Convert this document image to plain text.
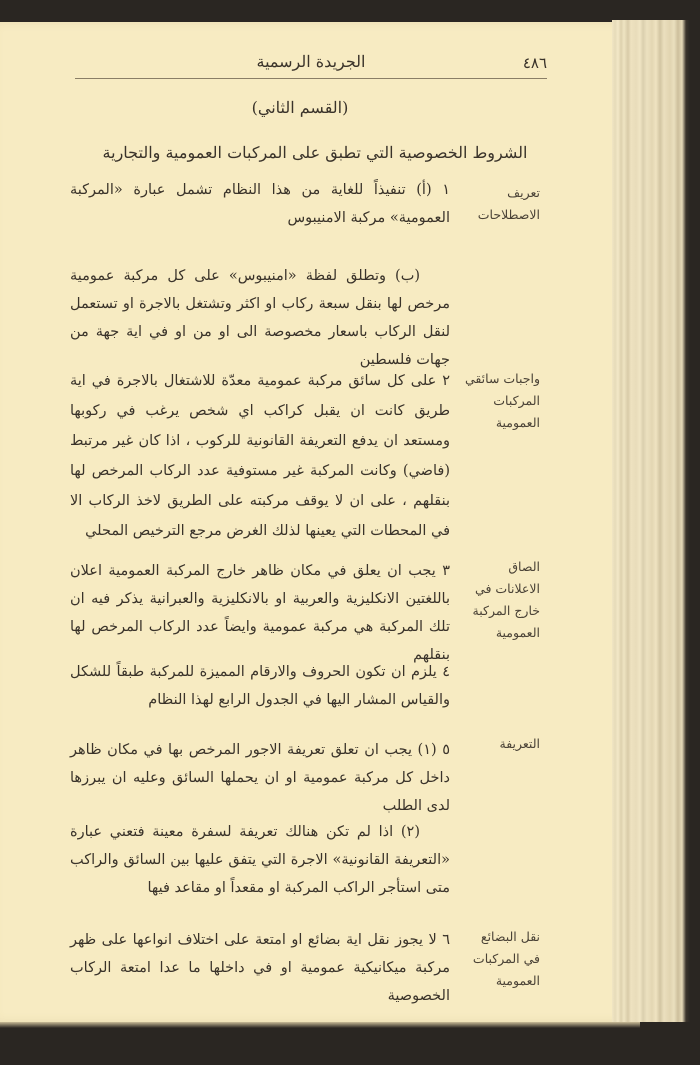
٤٨٦
الجريدة الرسمية
(القسم الثاني)
الشروط الخصوصية التي تطبق على المركبات العمومية والتجارية
تعريف الاصطلاحات
١ (أ) تنفيذاً للغاية من هذا النظام تشمل عبارة «المركبة العمومية» مركبة الامنيبوس
(ب) وتطلق لفظة «امنيبوس» على كل مركبة عمومية مرخص لها بنقل سبعة ركاب او اكثر وتشتغل بالاجرة او تستعمل لنقل الركاب باسعار مخصوصة الى او من او في اية جهة من جهات فلسطين
واجبات سائقي المركبات العمومية
٢ على كل سائق مركبة عمومية معدّة للاشتغال بالاجرة في اية طريق كانت ان يقبل كراكب اي شخص يرغب في ركوبها ومستعد ان يدفع التعريفة القانونية للركوب ، اذا كان غير مرتبط (فاضي) وكانت المركبة غير مستوفية عدد الركاب المرخص لها بنقلهم ، على ان لا يوقف مركبته على الطريق لاخذ الركاب الا في المحطات التي يعينها لذلك الغرض مرجع الترخيص المحلي
الصاق الاعلانات في خارج المركبة العمومية
٣ يجب ان يعلق في مكان ظاهر خارج المركبة العمومية اعلان باللغتين الانكليزية والعربية او بالانكليزية والعبرانية يذكر فيه ان تلك المركبة هي مركبة عمومية وايضاً عدد الركاب المرخص لها بنقلهم
٤ يلزم ان تكون الحروف والارقام المميزة للمركبة طبقاً للشكل والقياس المشار اليها في الجدول الرابع لهذا النظام
التعريفة
٥ (١) يجب ان تعلق تعريفة الاجور المرخص بها في مكان ظاهر داخل كل مركبة عمومية او ان يحملها السائق وعليه ان يبرزها لدى الطلب
(٢) اذا لم تكن هنالك تعريفة لسفرة معينة فتعني عبارة «التعريفة القانونية» الاجرة التي يتفق عليها بين السائق والراكب متى استأجر الراكب المركبة او مقعداً او مقاعد فيها
نقل البضائع في المركبات العمومية
٦ لا يجوز نقل اية بضائع او امتعة على اختلاف انواعها على ظهر مركبة ميكانيكية عمومية او في داخلها ما عدا امتعة الركاب الخصوصية
